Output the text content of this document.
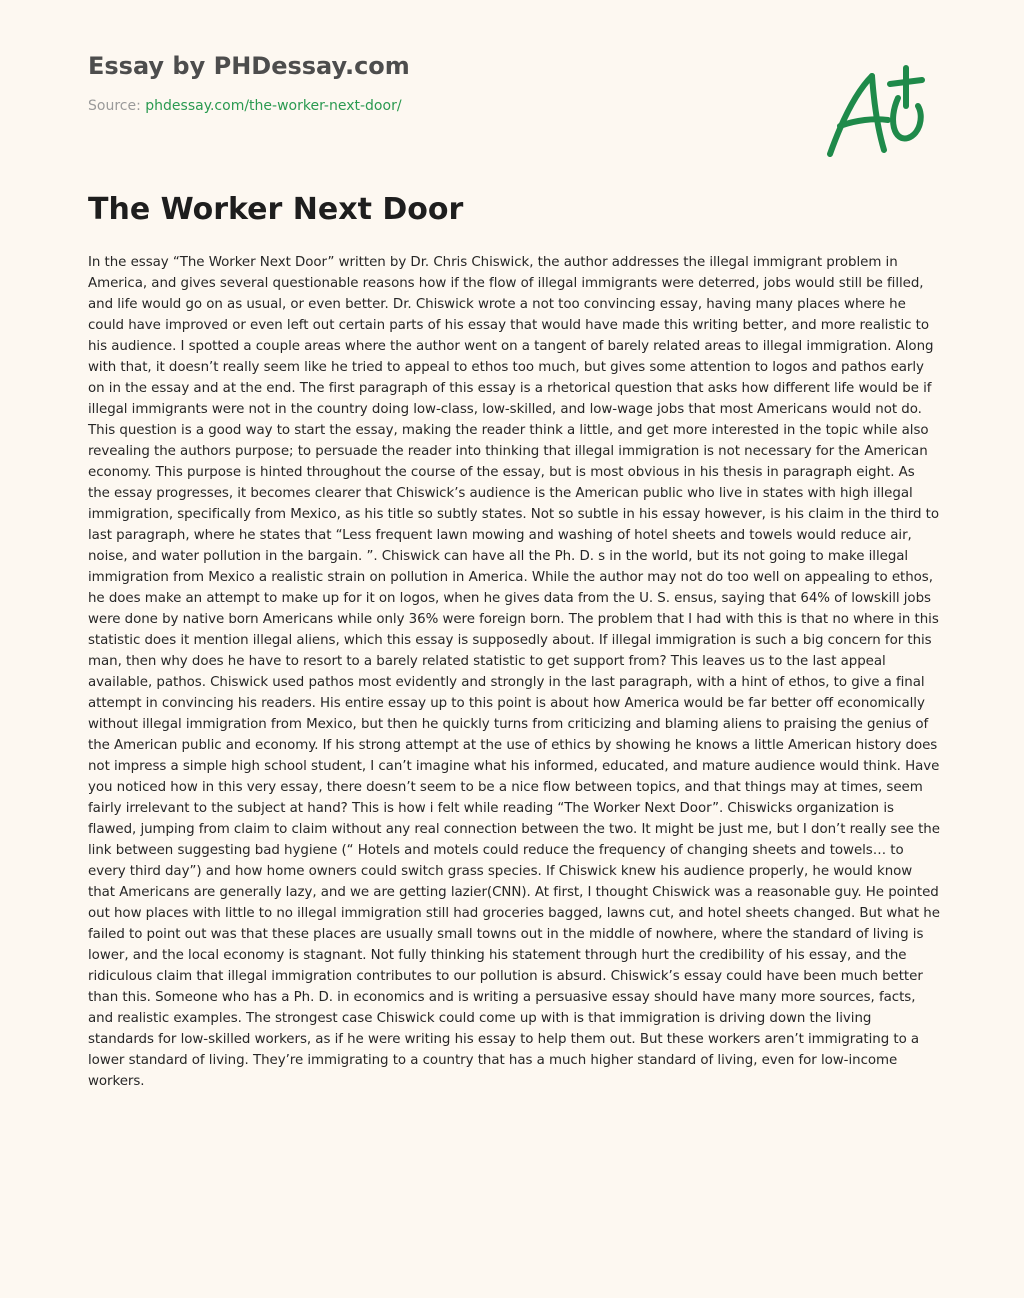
Essay by PHDessay.com
Source: phdessay.com/the-worker-next-door/
The Worker Next Door

In the essay “The Worker Next Door” written by Dr. Chris Chiswick, the author addresses the illegal immigrant problem in America, and gives several questionable reasons how if the flow of illegal immigrants were deterred, jobs would still be filled, and life would go on as usual, or even better. Dr. Chiswick wrote a not too convincing essay, having many places where he could have improved or even left out certain parts of his essay that would have made this writing better, and more realistic to his audience. I spotted a couple areas where the author went on a tangent of barely related areas to illegal immigration. Along with that, it doesn’t really seem like he tried to appeal to ethos too much, but gives some attention to logos and pathos early on in the essay and at the end. The first paragraph of this essay is a rhetorical question that asks how different life would be if illegal immigrants were not in the country doing low-class, low-skilled, and low-wage jobs that most Americans would not do. This question is a good way to start the essay, making the reader think a little, and get more interested in the topic while also revealing the authors purpose; to persuade the reader into thinking that illegal immigration is not necessary for the American economy. This purpose is hinted throughout the course of the essay, but is most obvious in his thesis in paragraph eight. As the essay progresses, it becomes clearer that Chiswick’s audience is the American public who live in states with high illegal immigration, specifically from Mexico, as his title so subtly states. Not so subtle in his essay however, is his claim in the third to last paragraph, where he states that “Less frequent lawn mowing and washing of hotel sheets and towels would reduce air, noise, and water pollution in the bargain. ”. Chiswick can have all the Ph. D. s in the world, but its not going to make illegal immigration from Mexico a realistic strain on pollution in America. While the author may not do too well on appealing to ethos, he does make an attempt to make up for it on logos, when he gives data from the U. S. ensus, saying that 64% of lowskill jobs were done by native born Americans while only 36% were foreign born. The problem that I had with this is that no where in this statistic does it mention illegal aliens, which this essay is supposedly about. If illegal immigration is such a big concern for this man, then why does he have to resort to a barely related statistic to get support from? This leaves us to the last appeal available, pathos. Chiswick used pathos most evidently and strongly in the last paragraph, with a hint of ethos, to give a final attempt in convincing his readers. His entire essay up to this point is about how America would be far better off economically without illegal immigration from Mexico, but then he quickly turns from criticizing and blaming aliens to praising the genius of the American public and economy. If his strong attempt at the use of ethics by showing he knows a little American history does not impress a simple high school student, I can’t imagine what his informed, educated, and mature audience would think. Have you noticed how in this very essay, there doesn’t seem to be a nice flow between topics, and that things may at times, seem fairly irrelevant to the subject at hand? This is how i felt while reading “The Worker Next Door”. Chiswicks organization is flawed, jumping from claim to claim without any real connection between the two. It might be just me, but I don’t really see the link between suggesting bad hygiene (“ Hotels and motels could reduce the frequency of changing sheets and towels… to every third day”) and how home owners could switch grass species. If Chiswick knew his audience properly, he would know that Americans are generally lazy, and we are getting lazier(CNN). At first, I thought Chiswick was a reasonable guy. He pointed out how places with little to no illegal immigration still had groceries bagged, lawns cut, and hotel sheets changed. But what he failed to point out was that these places are usually small towns out in the middle of nowhere, where the standard of living is lower, and the local economy is stagnant. Not fully thinking his statement through hurt the credibility of his essay, and the ridiculous claim that illegal immigration contributes to our pollution is absurd. Chiswick’s essay could have been much better than this. Someone who has a Ph. D. in economics and is writing a persuasive essay should have many more sources, facts, and realistic examples. The strongest case Chiswick could come up with is that immigration is driving down the living standards for low-skilled workers, as if he were writing his essay to help them out. But these workers aren’t immigrating to a lower standard of living. They’re immigrating to a country that has a much higher standard of living, even for low-income workers.
